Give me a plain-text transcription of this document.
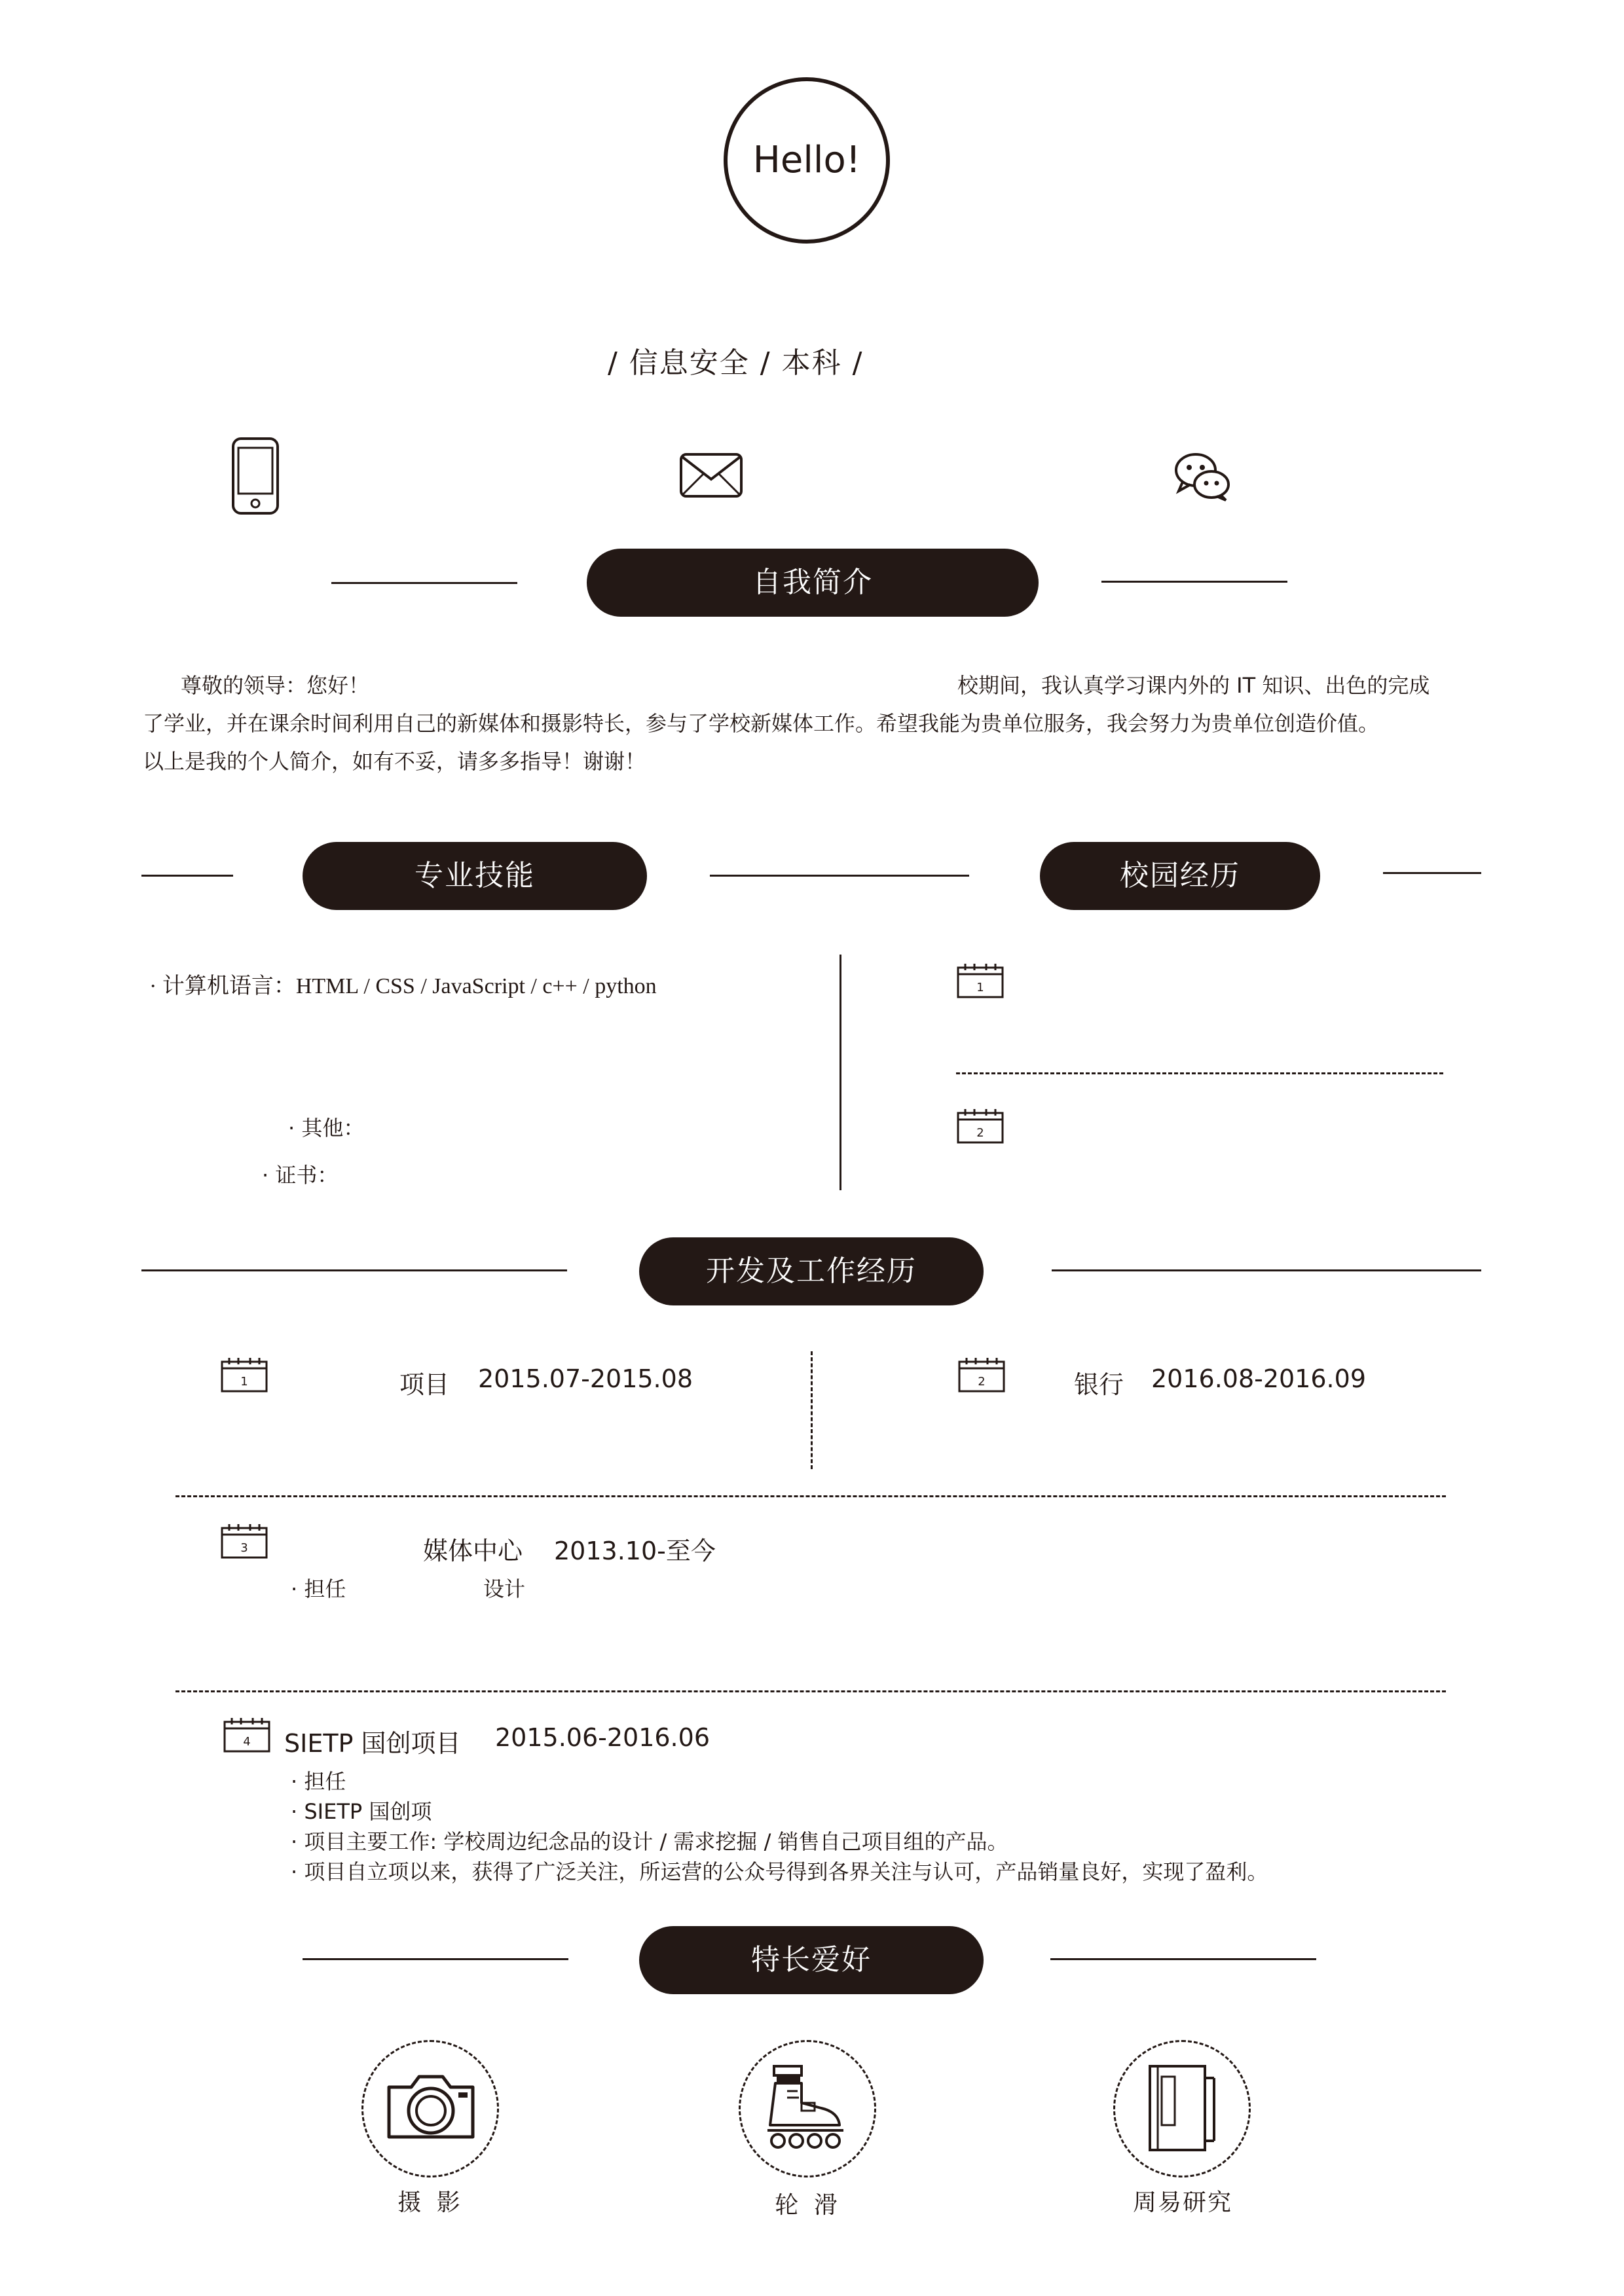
Hello!
/ 信息安全 / 本科 /
自我简介
尊敬的领导：您好！	校期间，我认真学习课内外的 IT 知识、出色的完成
了学业，并在课余时间利用自己的新媒体和摄影特长，参与了学校新媒体工作。希望我能为贵单位服务，我会努力为贵单位创造价值。
以上是我的个人简介，如有不妥，请多多指导！谢谢！
专业技能	校园经历
· 计算机语言：HTML / CSS / JavaScript / c++ / python
· 其他：
· 证书：
1
2
开发及工作经历
1	项目 2015.07-2015.08	2	银行 2016.08-2016.09
3	媒体中心 2013.10-至今
· 担任	设计
4 SIETP 国创项目 2015.06-2016.06
· 担任
· SIETP 国创项
· 项目主要工作: 学校周边纪念品的设计 / 需求挖掘 / 销售自己项目组的产品。
· 项目自立项以来，获得了广泛关注，所运营的公众号得到各界关注与认可，产品销量良好，实现了盈利。
特长爱好
摄 影	轮 滑	周易研究
